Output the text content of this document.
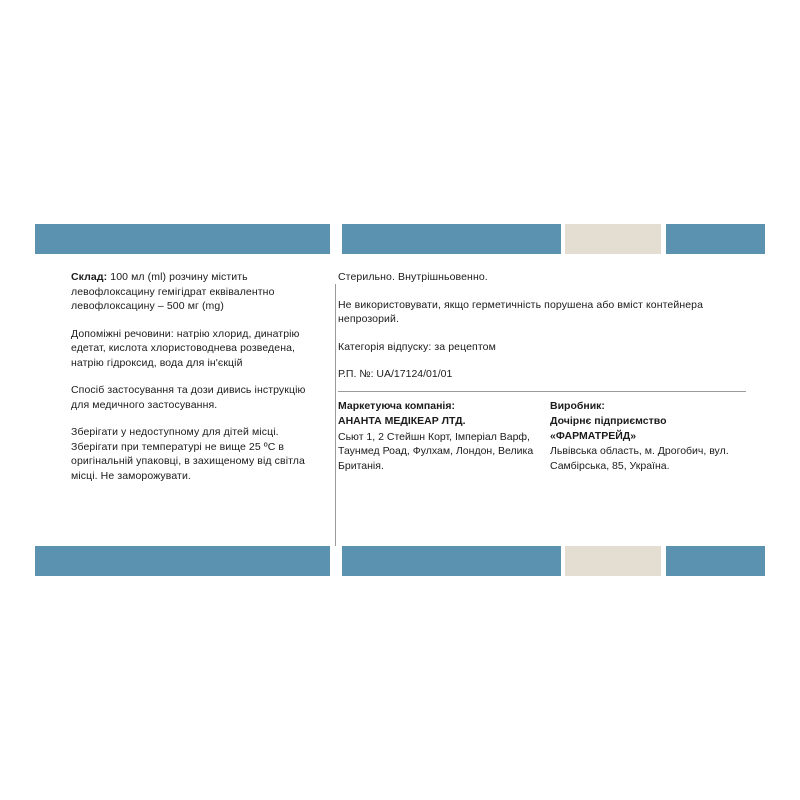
Склад: 100 мл (ml) розчину містить левофлоксацину гемігідрат еквівалентно левофлоксацину – 500 мг (mg)

Допоміжні речовини: натрію хлорид, динатрію едетат, кислота хлористоводнева розведена, натрію гідроксид, вода для ін'єкцій

Спосіб застосування та дози дивись інструкцію для медичного застосування.

Зберігати у недоступному для дітей місці. Зберігати при температурі не вище 25 ºC в оригінальній упаковці, в захищеному від світла місці. Не заморожувати.

Стерильно. Внутрішньовенно.

Не використовувати, якщо герметичність порушена або вміст контейнера непрозорий.

Категорія відпуску: за рецептом

Р.П. №: UA/17124/01/01

Маркетуюча компанія:

АНАНТА МЕДІКЕАР ЛТД.

Сьют 1, 2 Стейшн Корт, Імперіал Варф, Таунмед Роад, Фулхам, Лондон, Велика Британія.

Виробник:

Дочірнє підприємство «ФАРМАТРЕЙД»

Львівська область, м. Дрогобич, вул. Самбірська, 85, Україна.
